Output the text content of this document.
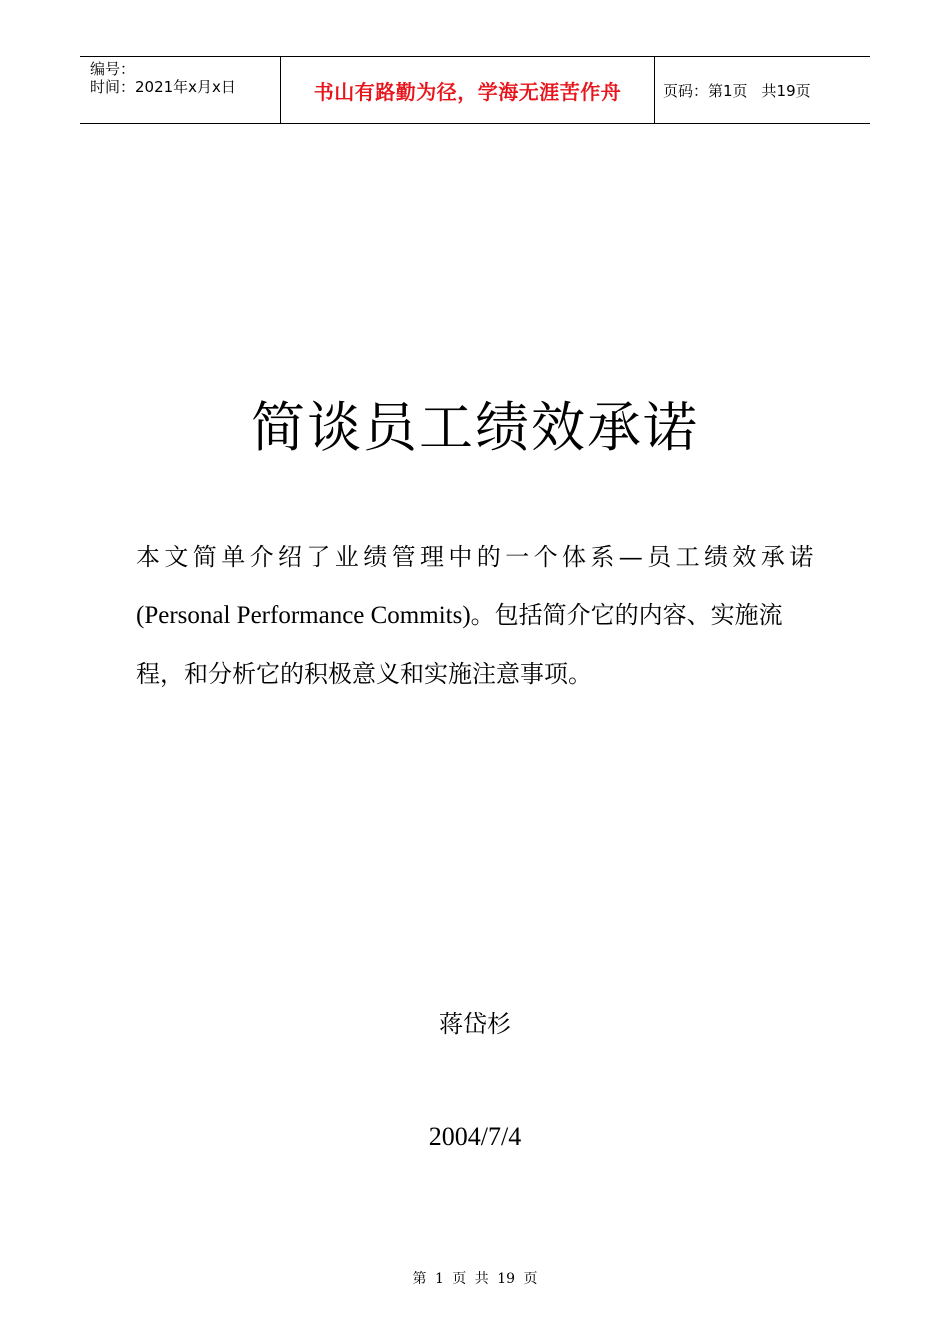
编号：
时间：2021年x月x日	书山有路勤为径，学海无涯苦作舟	页码：第1页 共19页
简谈员工绩效承诺
本文简单介绍了业绩管理中的一个体系—员工绩效承诺
(Personal Performance Commits)。包括简介它的内容、实施流
程，和分析它的积极意义和实施注意事项。
蒋岱杉
2004/7/4
第 1 页 共 19 页
